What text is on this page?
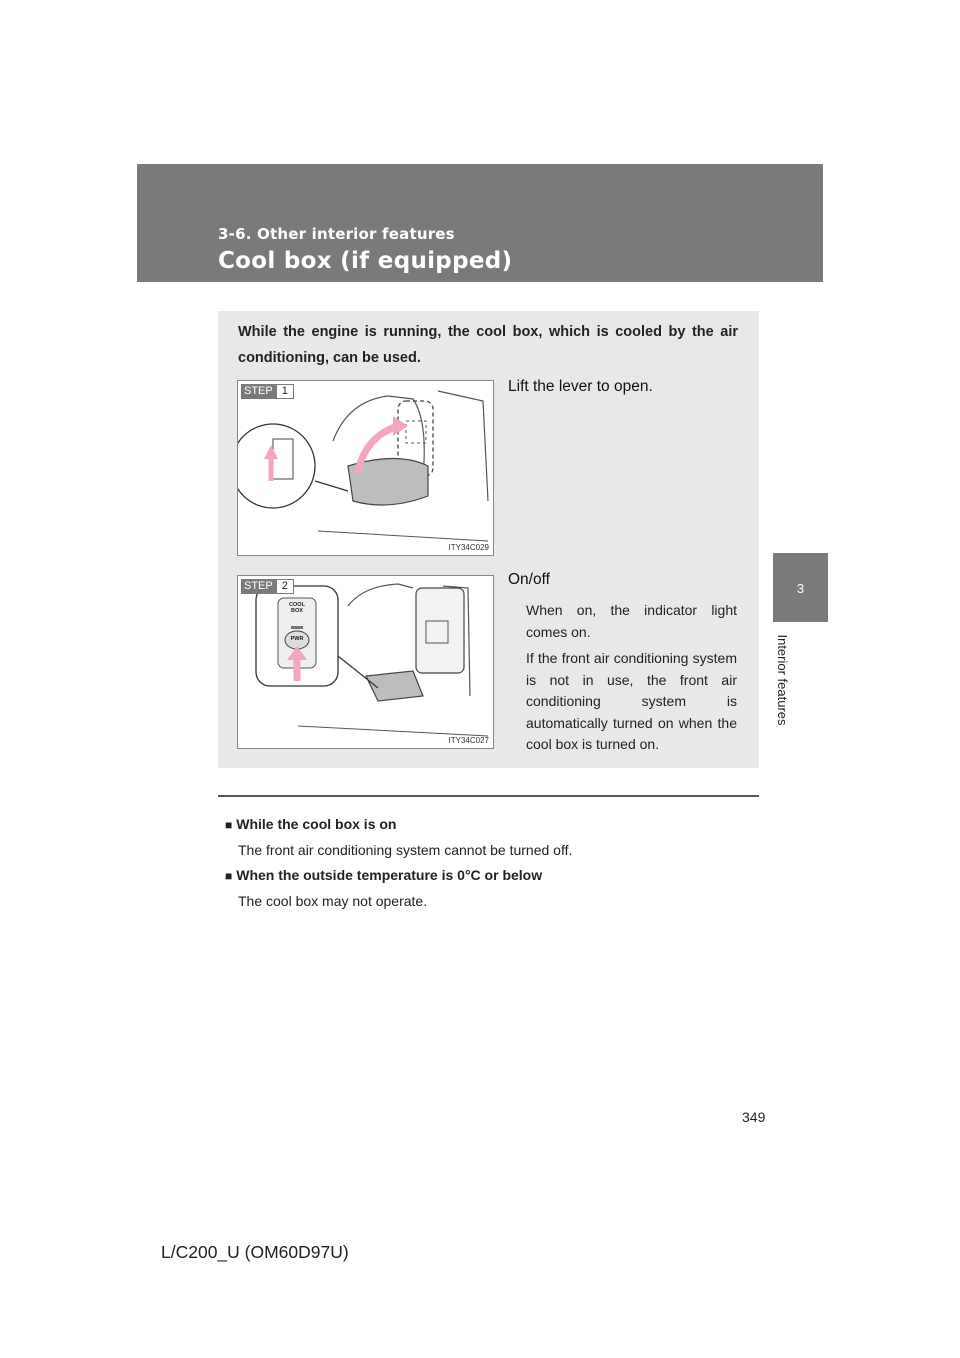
3-6. Other interior features
Cool box (if equipped)
3
Interior features
While the engine is running, the cool box, which is cooled by the air conditioning, can be used.
STEP 1
ITY34C029
Lift the lever to open.
COOL BOX
PWR
STEP 2
ITY34C027
On/off
When on, the indicator light comes on.
If the front air conditioning system is not in use, the front air conditioning system is automatically turned on when the cool box is turned on.
■ While the cool box is on
The front air conditioning system cannot be turned off.
■ When the outside temperature is 0°C or below
The cool box may not operate.
349
L/C200_U (OM60D97U)
